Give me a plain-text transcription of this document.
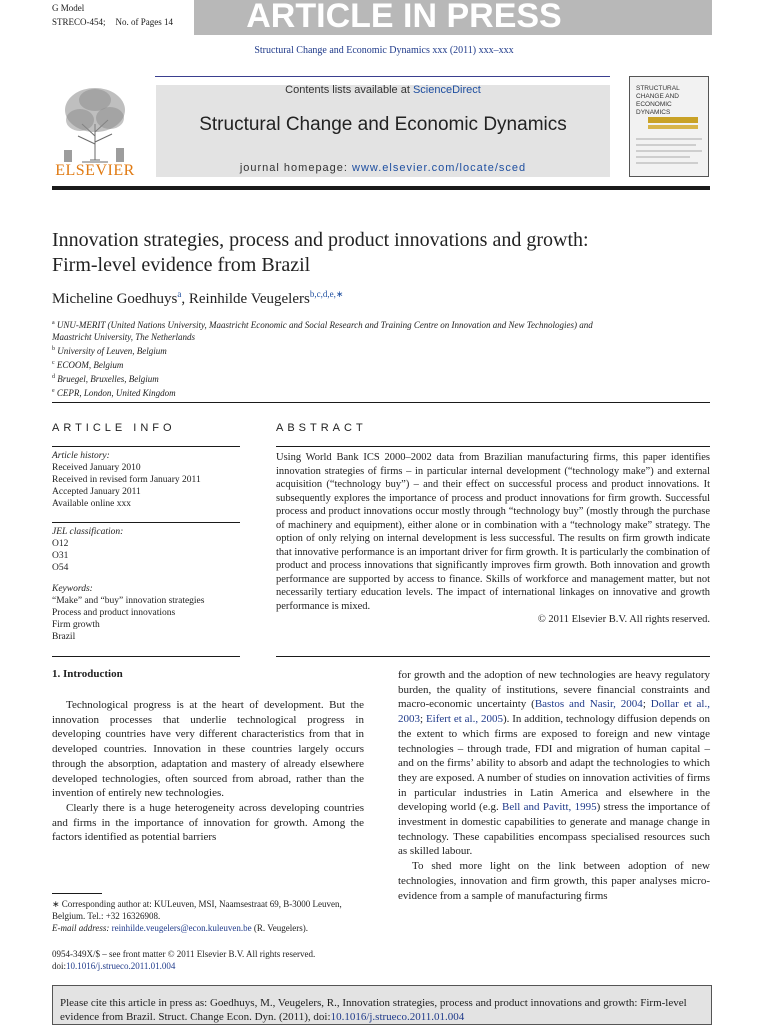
G Model
STRECO-454; No. of Pages 14	ARTICLE IN PRESS
Structural Change and Economic Dynamics xxx (2011) xxx–xxx
Contents lists available at ScienceDirect
Structural Change and Economic Dynamics
journal homepage: www.elsevier.com/locate/sced
ELSEVIER
STRUCTURAL CHANGE AND ECONOMIC DYNAMICS
Innovation strategies, process and product innovations and growth:
Firm-level evidence from Brazil
Micheline Goedhuys$^a$, Reinhilde Veugelers$^{b,c,d,e,∗}$
$^a$ UNU-MERIT (United Nations University, Maastricht Economic and Social Research and Training Centre on Innovation and New Technologies) and
Maastricht University, The Netherlands
$^b$ University of Leuven, Belgium
$^c$ ECOOM, Belgium
$^d$ Bruegel, Bruxelles, Belgium
$^e$ CEPR, London, United Kingdom
ARTICLE INFO
Article history:
Received January 2010
Received in revised form January 2011
Accepted January 2011
Available online xxx
JEL classification:
O12
O31
O54
Keywords:
“Make” and “buy” innovation strategies
Process and product innovations
Firm growth
Brazil
ABSTRACT

Using World Bank ICS 2000–2002 data from Brazilian manufacturing firms, this paper identifies innovation strategies of firms – in particular internal development (“technology make”) and external acquisition (“technology buy”) – and their effect on successful process and product innovations. It subsequently explores the importance of process and product innovations for firm growth. Successful process and product innovations occur mostly through “technology buy” (mostly through the purchase of machinery and equipment), either alone or in combination with a “technology make” strategy. The option of only relying on internal development is less successful. The results on firm growth indicate that innovative performance is an important driver for firm growth. It is particularly the combination of product and process innovations that significantly improves firm growth. Both innovation and growth performance are supported by access to finance. Skills of workforce and management matter, but not necessarily tertiary education levels. The impact of international linkages on innovative and growth performance is mixed.

© 2011 Elsevier B.V. All rights reserved.

1. Introduction

Technological progress is at the heart of development. But the innovation processes that underlie technological progress in developing countries have very different characteristics from that in developed countries. Innovation in these countries largely occurs through the absorption, adaptation and mastery of already elsewhere developed technologies, often sourced from abroad, rather than the invention of entirely new technologies.

Clearly there is a huge heterogeneity across developing countries and firms in the importance of innovation for growth. Among the factors identified as potential barriers

for growth and the adoption of new technologies are heavy regulatory burden, the quality of institutions, severe financial constraints and macro-economic uncertainty (Bastos and Nasir, 2004; Dollar et al., 2003; Eifert et al., 2005). In addition, technology diffusion depends on the extent to which firms are exposed to foreign and new vintage technologies – through trade, FDI and migration of human capital – and on the firms’ ability to absorb and adapt the technologies to which they are exposed. A number of studies on innovation activities of firms in particular industries in Latin America and elsewhere in the developing world (e.g. Bell and Pavitt, 1995) stress the importance of investment in domestic capabilities to generate and manage change in technology. These capabilities encompass specialised resources such as skilled labour.

To shed more light on the link between adoption of new technologies, innovation and firm growth, this paper analyses micro-evidence from a sample of manufacturing firms

∗ Corresponding author at: KULeuven, MSI, Naamsestraat 69, B-3000 Leuven, Belgium. Tel.: +32 16326908.
E-mail address: reinhilde.veugelers@econ.kuleuven.be (R. Veugelers).
0954-349X/$ – see front matter © 2011 Elsevier B.V. All rights reserved.
doi:10.1016/j.strueco.2011.01.004
Please cite this article in press as: Goedhuys, M., Veugelers, R., Innovation strategies, process and product innovations and growth: Firm-level evidence from Brazil. Struct. Change Econ. Dyn. (2011), doi:10.1016/j.strueco.2011.01.004
